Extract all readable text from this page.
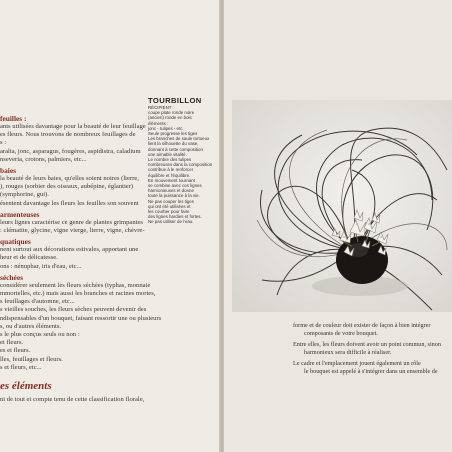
feuilles :
ants utilisées davantage pour la beauté de leur feuillage
es fleurs. Nous trouvons de nombreux feuillages de
s :
aralia, jonc, asparagus, fougères, aspidistra, caladium
nseveria, crotons, palmiers, etc...
baies
la beauté de leurs baies, qu'elles soient noires (lierre,
), rouges (sorbier des oiseaux, aubépine, églantier)
(symphorine, gui).
ésentent davantage les fleurs les feuilles son souvent
armenteuses
leurs lignes caractérise ce genre de plantes grimpantes
: clématite, glycine, vigne vierge, lierre, vigne, chèvre-
quatiques
nent surtout aux décorations estivales, apportant une
heur et de délicatesse.
ons : nénuphar, iris d'eau, etc...
séchées
considérer seulement les fleurs séchées (typhas, monnaie
mmortelles, etc.) mais aussi les branches et racines mortes,
s feuillages d'automne, etc...
s vieilles souches, les fleurs sèches peuvent devenir des
ndispensables d'un bouquet, faisant ressortir une ou plusieurs
s, ou d'autres éléments.
s le plus conçus seuls ou non :
et fleurs.
es et fleurs.
lles, feuillages et fleurs.
s et fleurs, etc...
es éléments
ni de tout et compte tenu de cette classification florale,
TOURBILLON
RÉCIPIENT :
coupe plate ronde noire
(ancien) ronde en bois
éléments :
jonc - tulipes - etc.
Seule progresse les tiges
Les branches de saule tortueux
lient la silhouette du vase,
donnant à cette composition
une aimable vitalité.
Le nombre des tulipes
nombreuses dans la composition
contribue à le renforcer
équilibre et l'équilibre.
En mouvement tournant
se combine avec ces lignes
harmonieuses et donne
toute la puissance à la vie.
Ne pas couper les tiges
qui ont été utilisées et
les courber pour faire
des lignes hardies et fortes.
Ne pas utiliser de l'eau.
forme et de couleur doit exister de façon à bien intégrer
composants de votre bouquet.
Entre elles, les fleurs doivent avoir un point commun, sinon
harmonieux sera difficile à réaliser.
Le cadre et l'emplacement jouent également un rôle
le bouquet est appelé à s'intégrer dans un ensemble de
